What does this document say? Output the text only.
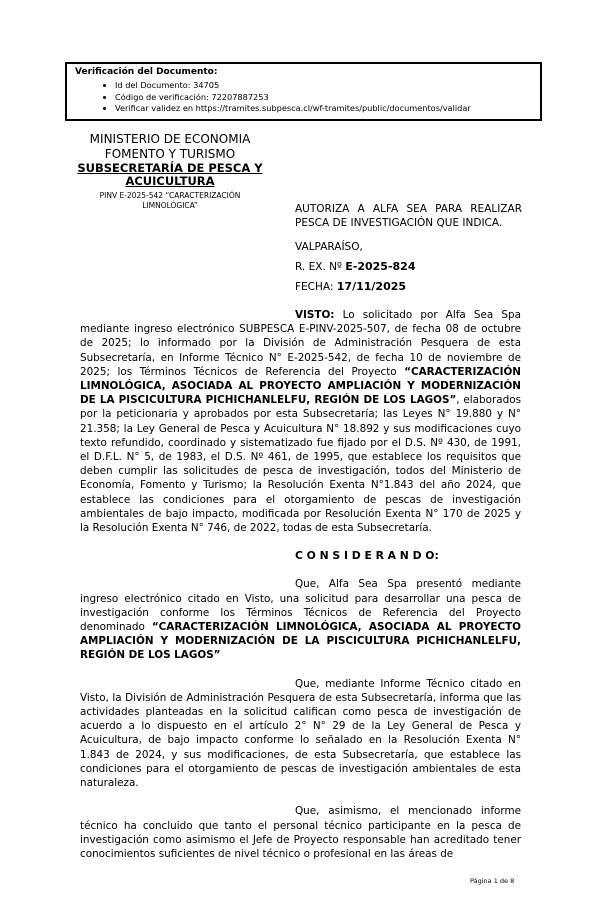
Verificación del Documento:
• Id del Documento: 34705
• Código de verificación: 72207887253
• Verificar validez en https://tramites.subpesca.cl/wf-tramites/public/documentos/validar
MINISTERIO DE ECONOMIA
FOMENTO Y TURISMO
SUBSECRETARÍA DE PESCA Y ACUICULTURA
PINV E-2025-542 “CARACTERIZACIÓN LIMNOLÓGICA”	AUTORIZA A ALFA SEA PARA REALIZAR PESCA DE INVESTIGACIÓN QUE INDICA.

VALPARAÍSO,
R. EX. Nº E-2025-824
FECHA: 17/11/2025

VISTO: Lo solicitado por Alfa Sea Spa mediante ingreso electrónico SUBPESCA E-PINV-2025-507, de fecha 08 de octubre de 2025; lo informado por la División de Administración Pesquera de esta Subsecretaría, en Informe Técnico N° E-2025-542, de fecha 10 de noviembre de 2025; los Términos Técnicos de Referencia del Proyecto “CARACTERIZACIÓN LIMNOLÓGICA, ASOCIADA AL PROYECTO AMPLIACIÓN Y MODERNIZACIÓN DE LA PISCICULTURA PICHICHANLELFU, REGIÓN DE LOS LAGOS”, elaborados por la peticionaria y aprobados por esta Subsecretaría; las Leyes N° 19.880 y N° 21.358; la Ley General de Pesca y Acuicultura N° 18.892 y sus modificaciones cuyo texto refundido, coordinado y sistematizado fue fijado por el D.S. Nº 430, de 1991, el D.F.L. N° 5, de 1983, el D.S. Nº 461, de 1995, que establece los requisitos que deben cumplir las solicitudes de pesca de investigación, todos del Ministerio de Economía, Fomento y Turismo; la Resolución Exenta N°1.843 del año 2024, que establece las condiciones para el otorgamiento de pescas de investigación ambientales de bajo impacto, modificada por Resolución Exenta N° 170 de 2025 y la Resolución Exenta N° 746, de 2022, todas de esta Subsecretaría.

C O N S I D E R A N D O:

Que, Alfa Sea Spa presentó mediante ingreso electrónico citado en Visto, una solicitud para desarrollar una pesca de investigación conforme los Términos Técnicos de Referencia del Proyecto denominado “CARACTERIZACIÓN LIMNOLÓGICA, ASOCIADA AL PROYECTO AMPLIACIÓN Y MODERNIZACIÓN DE LA PISCICULTURA PICHICHANLELFU, REGIÓN DE LOS LAGOS”

Que, mediante Informe Técnico citado en Visto, la División de Administración Pesquera de esta Subsecretaría, informa que las actividades planteadas en la solicitud califican como pesca de investigación de acuerdo a lo dispuesto en el artículo 2° N° 29 de la Ley General de Pesca y Acuicultura, de bajo impacto conforme lo señalado en la Resolución Exenta N° 1.843 de 2024, y sus modificaciones, de esta Subsecretaría, que establece las condiciones para el otorgamiento de pescas de investigación ambientales de esta naturaleza.

Que, asimismo, el mencionado informe técnico ha concluido que tanto el personal técnico participante en la pesca de investigación como asimismo el Jefe de Proyecto responsable han acreditado tener conocimientos suficientes de nivel técnico o profesional en las áreas de

Página 1 de 8
